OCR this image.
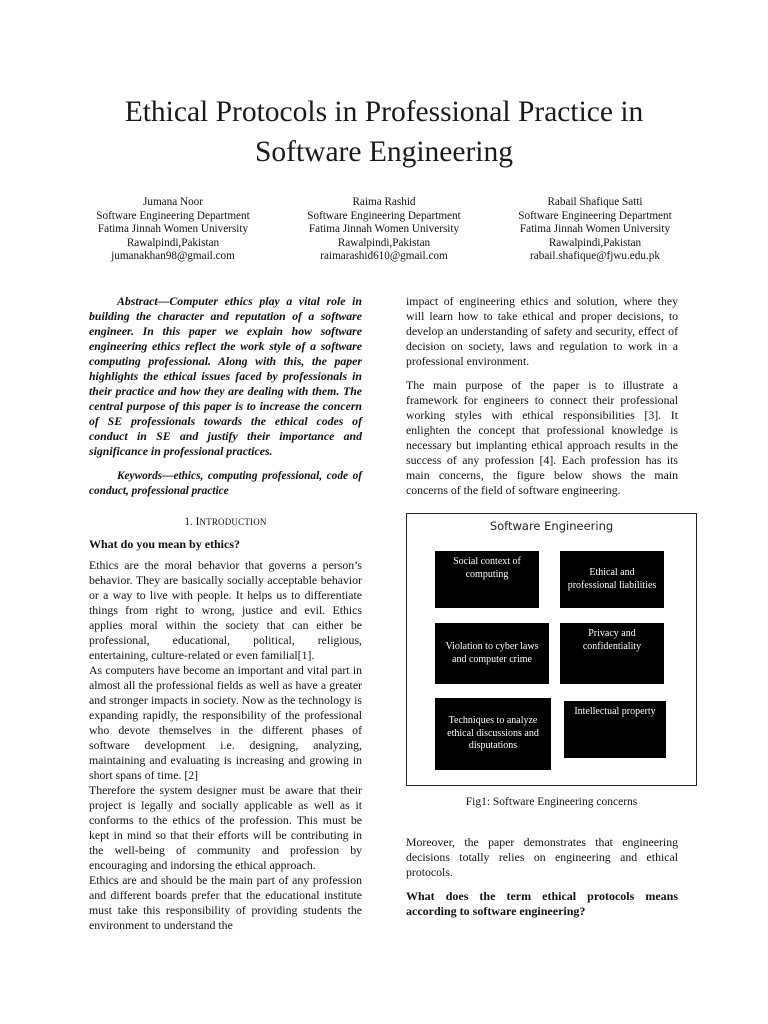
Ethical Protocols in Professional Practice in
Software Engineering
Jumana Noor
Software Engineering Department
Fatima Jinnah Women University
Rawalpindi,Pakistan
jumanakhan98@gmail.com
Raima Rashid
Software Engineering Department
Fatima Jinnah Women University
Rawalpindi,Pakistan
raimarashid610@gmail.com
Rabail Shafique Satti
Software Engineering Department
Fatima Jinnah Women University
Rawalpindi,Pakistan
rabail.shafique@fjwu.edu.pk

Abstract—Computer ethics play a vital role in building the character and reputation of a software engineer. In this paper we explain how software engineering ethics reflect the work style of a software computing professional. Along with this, the paper highlights the ethical issues faced by professionals in their practice and how they are dealing with them. The central purpose of this paper is to increase the concern of SE professionals towards the ethical codes of conduct in SE and justify their importance and significance in professional practices.

Keywords—ethics, computing professional, code of conduct, professional practice

1. INTRODUCTION

What do you mean by ethics?

Ethics are the moral behavior that governs a person’s behavior. They are basically socially acceptable behavior or a way to live with people. It helps us to differentiate things from right to wrong, justice and evil. Ethics applies moral within the society that can either be professional, educational, political, religious, entertaining, culture-related or even familial[1].

As computers have become an important and vital part in almost all the professional fields as well as have a greater and stronger impacts in society. Now as the technology is expanding rapidly, the responsibility of the professional who devote themselves in the different phases of software development i.e. designing, analyzing, maintaining and evaluating is increasing and growing in short spans of time. [2]

Therefore the system designer must be aware that their project is legally and socially applicable as well as it conforms to the ethics of the profession. This must be kept in mind so that their efforts will be contributing in the well-being of community and profession by encouraging and indorsing the ethical approach.

Ethics are and should be the main part of any profession and different boards prefer that the educational institute must take this responsibility of providing students the environment to understand the

impact of engineering ethics and solution, where they will learn how to take ethical and proper decisions, to develop an understanding of safety and security, effect of decision on society, laws and regulation to work in a professional environment.

The main purpose of the paper is to illustrate a framework for engineers to connect their professional working styles with ethical responsibilities [3]. It enlighten the concept that professional knowledge is necessary but implanting ethical approach results in the success of any profession [4]. Each profession has its main concerns, the figure below shows the main concerns of the field of software engineering.

Software Engineering
Social context of computing	Ethical and professional liabilities
Violation to cyber laws and computer crime
Privacy and confidentiality
Techniques to analyze ethical discussions and disputations
Intellectual property
Fig1: Software Engineering concerns

Moreover, the paper demonstrates that engineering decisions totally relies on engineering and ethical protocols.

What does the term ethical protocols means according to software engineering?
